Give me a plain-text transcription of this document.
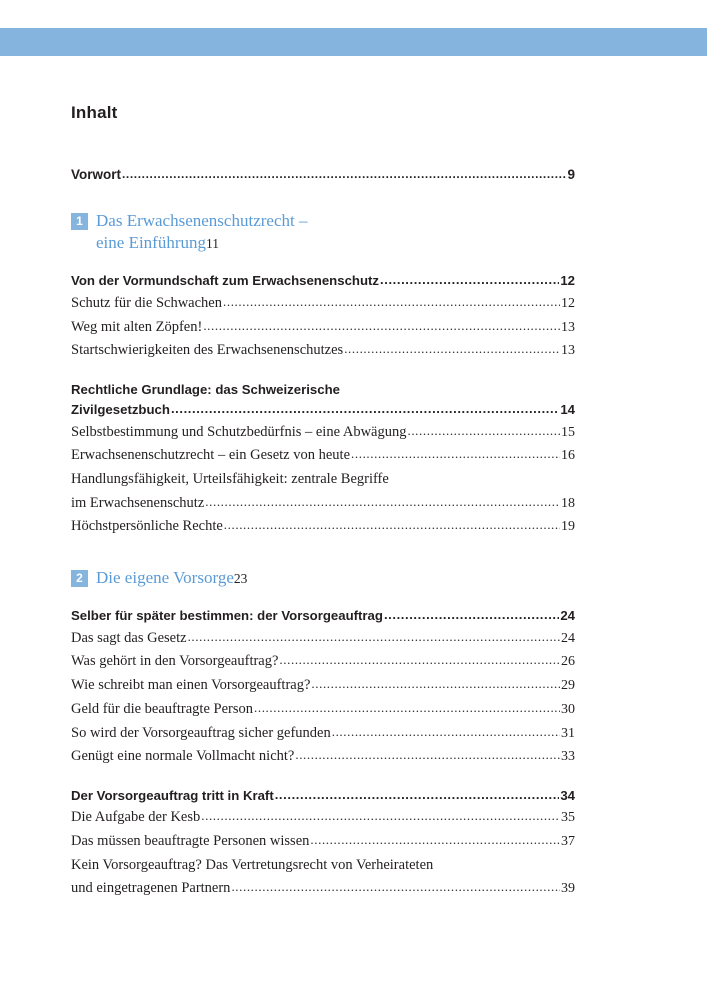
Inhalt
Vorwort .....	9
1 Das Erwachsenenschutzrecht –
eine Einführung 11
Von der Vormundschaft zum Erwachsenenschutz .....	12
Schutz für die Schwachen .....	12
Weg mit alten Zöpfen! .....	13
Startschwierigkeiten des Erwachsenenschutzes .....	13
Rechtliche Grundlage: das Schweizerische
Zivilgesetzbuch .....	14
Selbstbestimmung und Schutzbedürfnis – eine Abwägung .....	15
Erwachsenenschutzrecht – ein Gesetz von heute .....	16
Handlungsfähigkeit, Urteilsfähigkeit: zentrale Begriffe
im Erwachsenenschutz .....	18
Höchstpersönliche Rechte .....	19
2 Die eigene Vorsorge 23
Selber für später bestimmen: der Vorsorgeauftrag .....	24
Das sagt das Gesetz .....	24
Was gehört in den Vorsorgeauftrag? .....	26
Wie schreibt man einen Vorsorgeauftrag? .....	29
Geld für die beauftragte Person .....	30
So wird der Vorsorgeauftrag sicher gefunden .....	31
Genügt eine normale Vollmacht nicht? .....	33
Der Vorsorgeauftrag tritt in Kraft .....	34
Die Aufgabe der Kesb .....	35
Das müssen beauftragte Personen wissen .....	37
Kein Vorsorgeauftrag? Das Vertretungsrecht von Verheirateten
und eingetragenen Partnern .....	39
